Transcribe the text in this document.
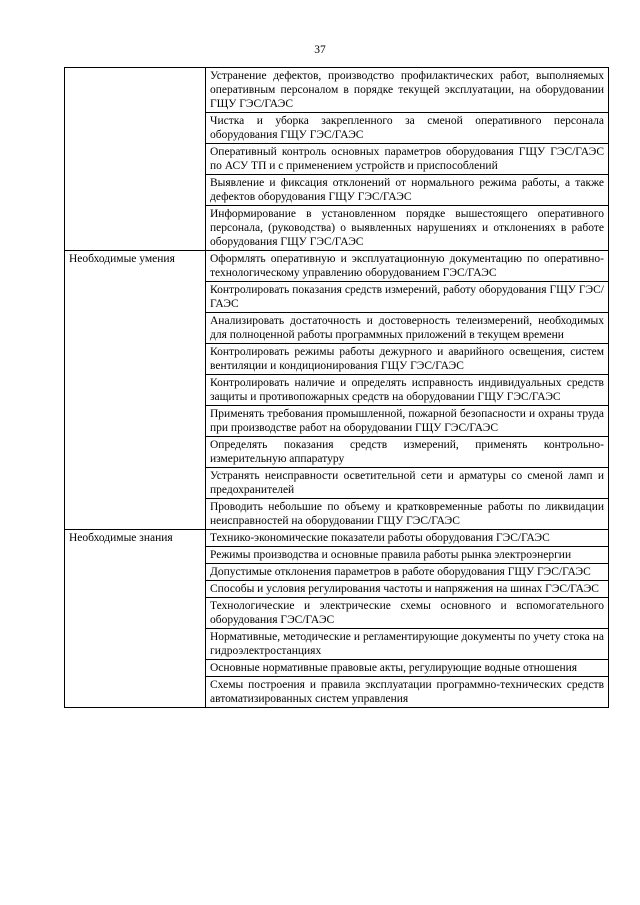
37
	Устранение дефектов, производство профилактических работ, выполняемых оперативным персоналом в порядке текущей эксплуатации, на оборудовании ГЩУ ГЭС/ГАЭС
	Чистка и уборка закрепленного за сменой оперативного персонала оборудования ГЩУ ГЭС/ГАЭС
	Оперативный контроль основных параметров оборудования ГЩУ ГЭС/ГАЭС по АСУ ТП и с применением устройств и приспособлений
	Выявление и фиксация отклонений от нормального режима работы, а также дефектов оборудования ГЩУ ГЭС/ГАЭС
	Информирование в установленном порядке вышестоящего оперативного персонала, (руководства) о выявленных нарушениях и отклонениях в работе оборудования ГЩУ ГЭС/ГАЭС
Необходимые умения	Оформлять оперативную и эксплуатационную документацию по оперативно-технологическому управлению оборудованием ГЭС/ГАЭС
	Контролировать показания средств измерений, работу оборудования ГЩУ ГЭС/ГАЭС
	Анализировать достаточность и достоверность телеизмерений, необходимых для полноценной работы программных приложений в текущем времени
	Контролировать режимы работы дежурного и аварийного освещения, систем вентиляции и кондиционирования ГЩУ ГЭС/ГАЭС
	Контролировать наличие и определять исправность индивидуальных средств защиты и противопожарных средств на оборудовании ГЩУ ГЭС/ГАЭС
	Применять требования промышленной, пожарной безопасности и охраны труда при производстве работ на оборудовании ГЩУ ГЭС/ГАЭС
	Определять показания средств измерений, применять контрольно-измерительную аппаратуру
	Устранять неисправности осветительной сети и арматуры со сменой ламп и предохранителей
	Проводить небольшие по объему и кратковременные работы по ликвидации неисправностей на оборудовании ГЩУ ГЭС/ГАЭС
Необходимые знания	Технико-экономические показатели работы оборудования ГЭС/ГАЭС
	Режимы производства и основные правила работы рынка электроэнергии
	Допустимые отклонения параметров в работе оборудования ГЩУ ГЭС/ГАЭС
	Способы и условия регулирования частоты и напряжения на шинах ГЭС/ГАЭС
	Технологические и электрические схемы основного и вспомогательного оборудования ГЭС/ГАЭС
	Нормативные, методические и регламентирующие документы по учету стока на гидроэлектростанциях
	Основные нормативные правовые акты, регулирующие водные отношения
	Схемы построения и правила эксплуатации программно-технических средств автоматизированных систем управления
